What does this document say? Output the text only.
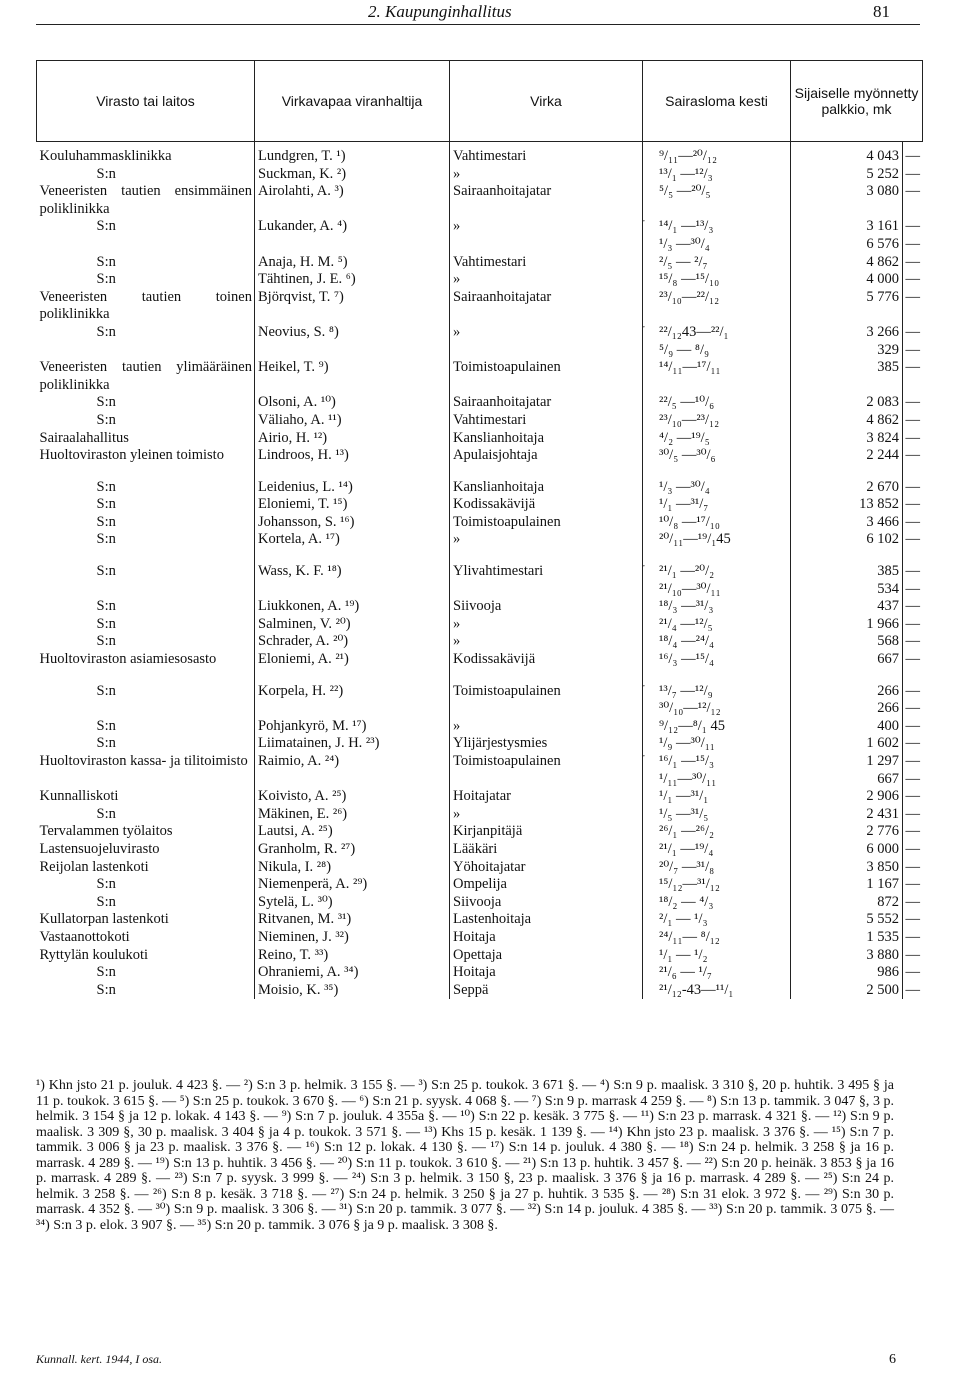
2. Kaupunginhallitus	81
Virasto tai laitos	Virkavapaa viranhaltija	Virka	Sairasloma kesti	Sijaiselle myönnetty palkkio, mk	
Kouluhammasklinikka	Lundgren, T. ¹)	Vahtimestari	⁹/₁₁—²⁰/₁₂	4 043	—
S:n	Suckman, K. ²)	»	¹³/₁ —¹²/₃	5 252	—
Veneeristen tautien ensimmäinen poliklinikka	Airolahti, A. ³)	Sairaanhoitajatar	⁵/₅ —²⁰/₅	3 080	—
S:n	Lukander, A. ⁴)	»	{ ¹⁴/₁ —¹³/₃	3 161	—
			¹/₃ —³⁰/₄	6 576	—
S:n	Anaja, H. M. ⁵)	Vahtimestari	²/₅ — ²/₇	4 862	—
S:n	Tähtinen, J. E. ⁶)	»	¹⁵/₈ —¹⁵/₁₀	4 000	—
Veneeristen tautien toinen poliklinikka	Björqvist, T. ⁷)	Sairaanhoitajatar	²³/₁₀—²²/₁₂	5 776	—
S:n	Neovius, S. ⁸)	»	{ ²²/₁₂43—²²/₁	3 266	—
			⁵/₉ — ⁸/₉	329	—
Veneeristen tautien ylimääräinen poliklinikka	Heikel, T. ⁹)	Toimistoapulainen	¹⁴/₁₁—¹⁷/₁₁	385	—
S:n	Olsoni, A. ¹⁰)	Sairaanhoitajatar	²²/₅ —¹⁰/₆	2 083	—
S:n	Väliaho, A. ¹¹)	Vahtimestari	²³/₁₀—²³/₁₂	4 862	—
Sairaalahallitus	Airio, H. ¹²)	Kanslianhoitaja	⁴/₂ —¹⁹/₅	3 824	—
Huoltoviraston yleinen toimisto	Lindroos, H. ¹³)	Apulaisjohtaja	³⁰/₅ —³⁰/₆	2 244	—

S:n	Leidenius, L. ¹⁴)	Kanslianhoitaja	¹/₃ —³⁰/₄	2 670	—
S:n	Eloniemi, T. ¹⁵)	Kodissakävijä	¹/₁ —³¹/₇	13 852	—
S:n	Johansson, S. ¹⁶)	Toimistoapulainen	¹⁰/₈ —¹⁷/₁₀	3 466	—
S:n	Kortela, A. ¹⁷)	»	²⁰/₁₁—¹⁹/₁45	6 102	—

S:n	Wass, K. F. ¹⁸)	Ylivahtimestari	{ ²¹/₁ —²⁰/₂	385	—
			²¹/₁₀—³⁰/₁₁	534	—
S:n	Liukkonen, A. ¹⁹)	Siivooja	¹⁸/₃ —³¹/₃	437	—
S:n	Salminen, V. ²⁰)	»	²¹/₄ —¹²/₅	1 966	—
S:n	Schrader, A. ²⁰)	»	¹⁸/₄ —²⁴/₄	568	—
Huoltoviraston asiamiesosasto	Eloniemi, A. ²¹)	Kodissakävijä	¹⁶/₃ —¹⁵/₄	667	—

S:n	Korpela, H. ²²)	Toimistoapulainen	{ ¹³/₇ —¹²/₉	266	—
			³⁰/₁₀—¹²/₁₂	266	—
S:n	Pohjankyrö, M. ¹⁷)	»	⁹/₁₂—⁸/₁ 45	400	—
S:n	Liimatainen, J. H. ²³)	Ylijärjestysmies	¹/₉ —³⁰/₁₁	1 602	—
Huoltoviraston kassa- ja tilitoimisto	Raimio, A. ²⁴)	Toimistoapulainen	{ ¹⁶/₁ —¹⁵/₃	1 297	—
			¹/₁₁—³⁰/₁₁	667	—
Kunnalliskoti	Koivisto, A. ²⁵)	Hoitajatar	¹/₁ —³¹/₁	2 906	—
S:n	Mäkinen, E. ²⁶)	»	¹/₅ —³¹/₅	2 431	—
Tervalammen työlaitos	Lautsi, A. ²⁵)	Kirjanpitäjä	²⁶/₁ —²⁶/₂	2 776	—
Lastensuojeluvirasto	Granholm, R. ²⁷)	Lääkäri	²¹/₁ —¹⁹/₄	6 000	—
Reijolan lastenkoti	Nikula, I. ²⁸)	Yöhoitajatar	²⁰/₇ —³¹/₈	3 850	—
S:n	Niemenperä, A. ²⁹)	Ompelija	¹⁵/₁₂—³¹/₁₂	1 167	—
S:n	Sytelä, L. ³⁰)	Siivooja	¹⁸/₂ — ⁴/₃	872	—
Kullatorpan lastenkoti	Ritvanen, M. ³¹)	Lastenhoitaja	²/₁ — ¹/₃	5 552	—
Vastaanottokoti	Nieminen, J. ³²)	Hoitaja	²⁴/₁₁— ⁸/₁₂	1 535	—
Ryttylän koulukoti	Reino, T. ³³)	Opettaja	¹/₁ — ¹/₂	3 880	—
S:n	Ohraniemi, A. ³⁴)	Hoitaja	²¹/₆ — ¹/₇	986	—
S:n	Moisio, K. ³⁵)	Seppä	²¹/₁₂-43—¹¹/₁	2 500	—
¹) Khn jsto 21 p. jouluk. 4 423 §. — ²) S:n 3 p. helmik. 3 155 §. — ³) S:n 25 p. toukok. 3 671 §. — ⁴) S:n 9 p. maalisk. 3 310 §, 20 p. huhtik. 3 495 § ja 11 p. toukok. 3 615 §. — ⁵) S:n 25 p. toukok. 3 670 §. — ⁶) S:n 21 p. syysk. 4 068 §. — ⁷) S:n 9 p. marrask 4 259 §. — ⁸) S:n 13 p. tammik. 3 047 §, 3 p. helmik. 3 154 § ja 12 p. lokak. 4 143 §. — ⁹) S:n 7 p. jouluk. 4 355a §. — ¹⁰) S:n 22 p. kesäk. 3 775 §. — ¹¹) S:n 23 p. marrask. 4 321 §. — ¹²) S:n 9 p. maalisk. 3 309 §, 30 p. maalisk. 3 404 § ja 4 p. toukok. 3 571 §. — ¹³) Khs 15 p. kesäk. 1 139 §. — ¹⁴) Khn jsto 23 p. maalisk. 3 376 §. — ¹⁵) S:n 7 p. tammik. 3 006 § ja 23 p. maalisk. 3 376 §. — ¹⁶) S:n 12 p. lokak. 4 130 §. — ¹⁷) S:n 14 p. jouluk. 4 380 §. — ¹⁸) S:n 24 p. helmik. 3 258 § ja 16 p. marrask. 4 289 §. — ¹⁹) S:n 13 p. huhtik. 3 456 §. — ²⁰) S:n 11 p. toukok. 3 610 §. — ²¹) S:n 13 p. huhtik. 3 457 §. — ²²) S:n 20 p. heinäk. 3 853 § ja 16 p. marrask. 4 289 §. — ²³) S:n 7 p. syysk. 3 999 §. — ²⁴) S:n 3 p. helmik. 3 150 §, 23 p. maalisk. 3 376 § ja 16 p. marrask. 4 289 §. — ²⁵) S:n 24 p. helmik. 3 258 §. — ²⁶) S:n 8 p. kesäk. 3 718 §. — ²⁷) S:n 24 p. helmik. 3 250 § ja 27 p. huhtik. 3 535 §. — ²⁸) S:n 31 elok. 3 972 §. — ²⁹) S:n 30 p. marrask. 4 352 §. — ³⁰) S:n 9 p. maalisk. 3 306 §. — ³¹) S:n 20 p. tammik. 3 077 §. — ³²) S:n 14 p. jouluk. 4 385 §. — ³³) S:n 20 p. tammik. 3 075 §. — ³⁴) S:n 3 p. elok. 3 907 §. — ³⁵) S:n 20 p. tammik. 3 076 § ja 9 p. maalisk. 3 308 §.
Kunnall. kert. 1944, I osa.	6
